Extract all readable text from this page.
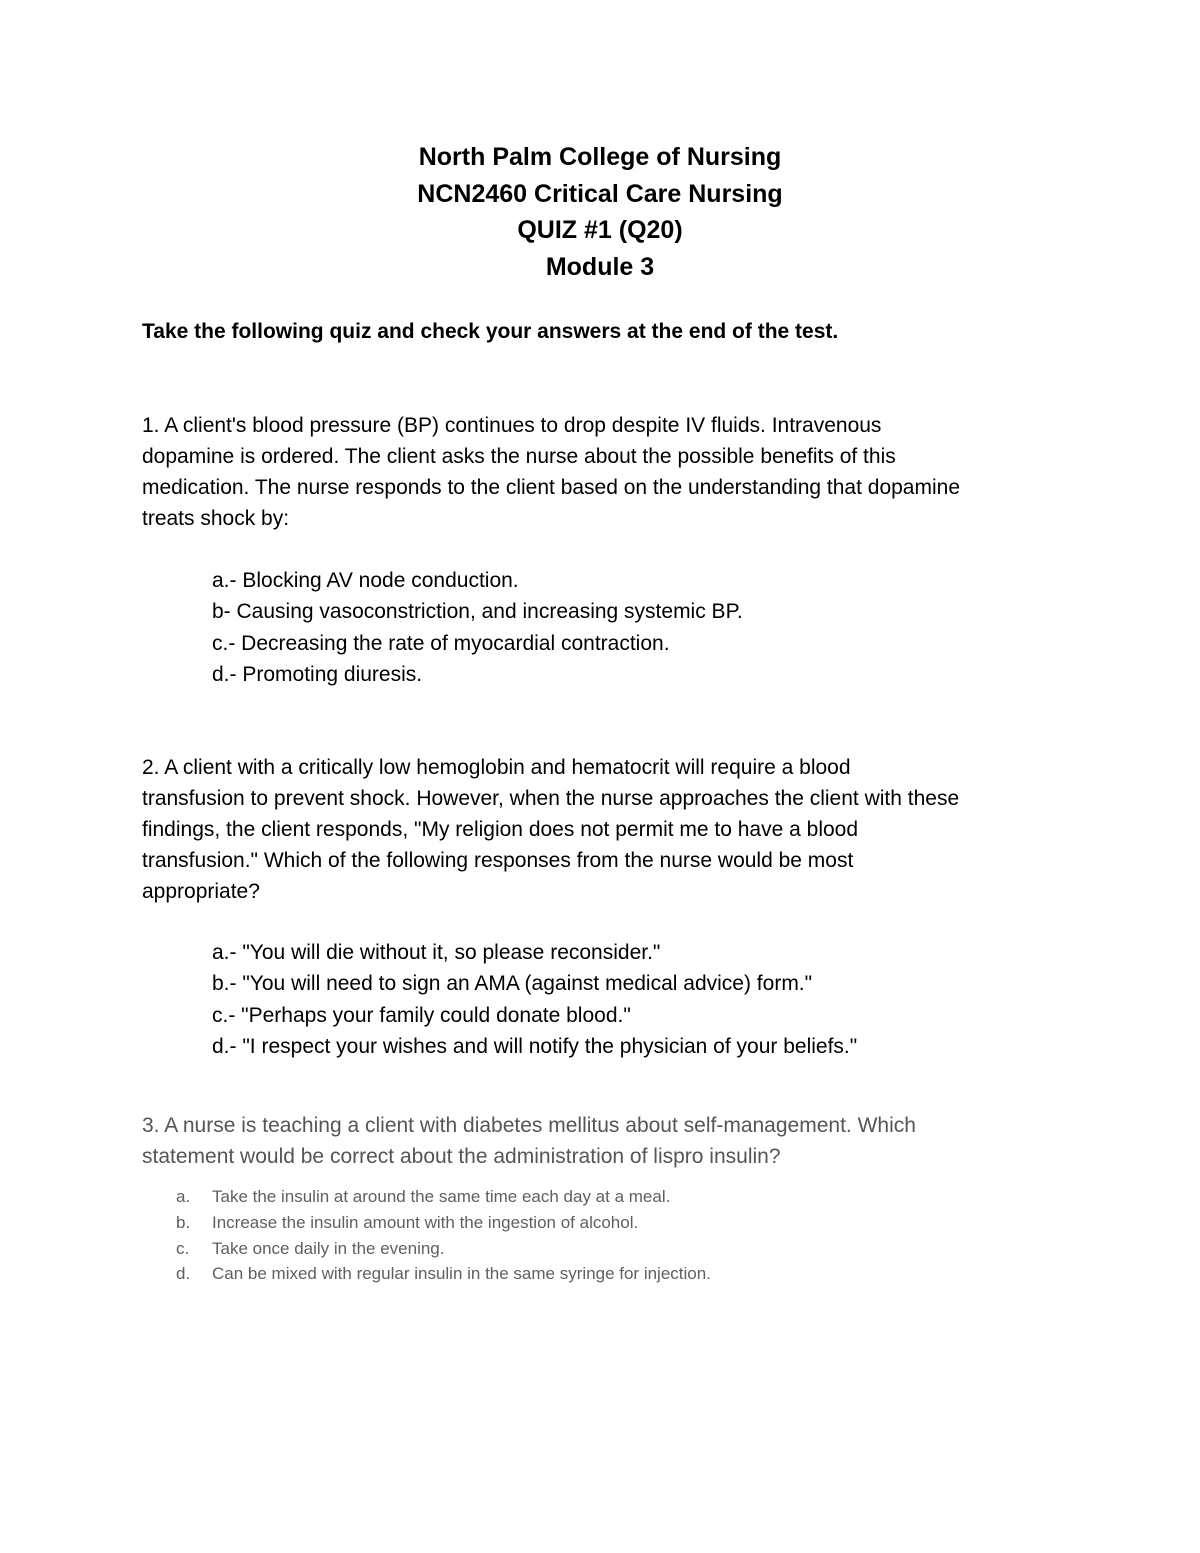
North Palm College of Nursing
NCN2460 Critical Care Nursing
QUIZ #1 (Q20)
Module 3
Take the following quiz and check your answers at the end of the test.
1. A client's blood pressure (BP) continues to drop despite IV fluids. Intravenous
dopamine is ordered. The client asks the nurse about the possible benefits of this
medication. The nurse responds to the client based on the understanding that dopamine
treats shock by:
a.- Blocking AV node conduction.
b- Causing vasoconstriction, and increasing systemic BP.
c.- Decreasing the rate of myocardial contraction.
d.- Promoting diuresis.
2. A client with a critically low hemoglobin and hematocrit will require a blood
transfusion to prevent shock. However, when the nurse approaches the client with these
findings, the client responds, "My religion does not permit me to have a blood
transfusion." Which of the following responses from the nurse would be most
appropriate?
a.- "You will die without it, so please reconsider."
b.- "You will need to sign an AMA (against medical advice) form."
c.- "Perhaps your family could donate blood."
d.- "I respect your wishes and will notify the physician of your beliefs."
3. A nurse is teaching a client with diabetes mellitus about self-management. Which
statement would be correct about the administration of lispro insulin?
a. Take the insulin at around the same time each day at a meal.
b. Increase the insulin amount with the ingestion of alcohol.
c. Take once daily in the evening.
d. Can be mixed with regular insulin in the same syringe for injection.
